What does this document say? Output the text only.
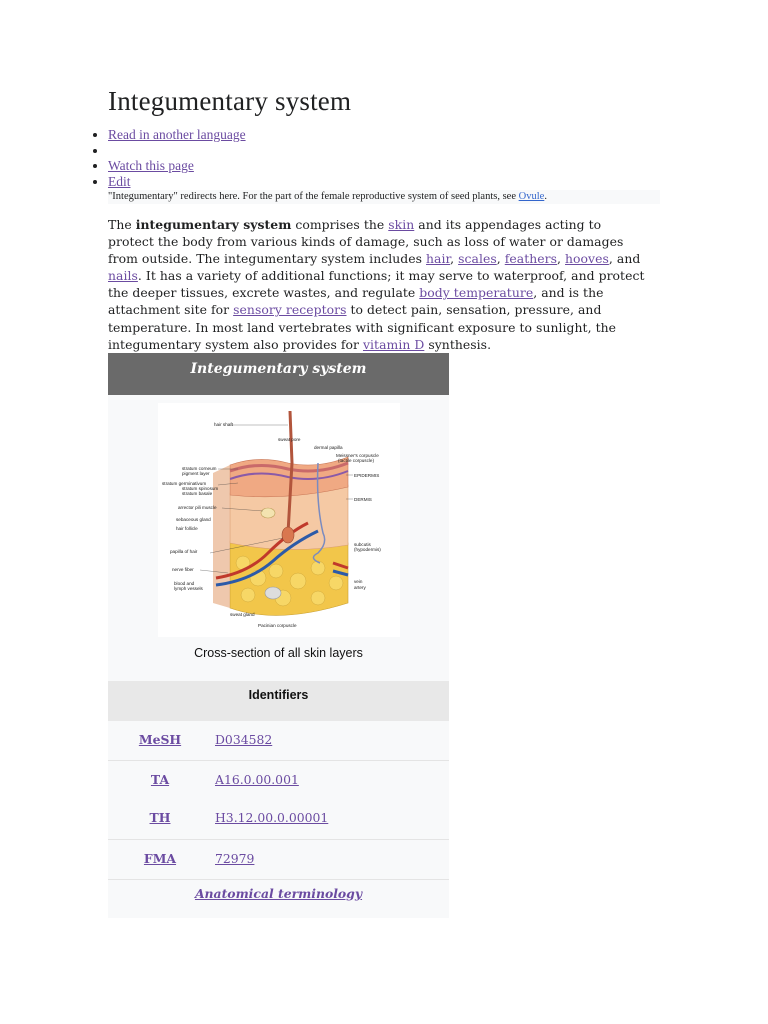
Integumentary system
• Read in another language
•
• Watch this page
• Edit
"Integumentary" redirects here. For the part of the female reproductive system of seed plants, see Ovule.

The integumentary system comprises the skin and its appendages acting to protect the body from various kinds of damage, such as loss of water or damages from outside. The integumentary system includes hair, scales, feathers, hooves, and nails. It has a variety of additional functions; it may serve to waterproof, and protect the deeper tissues, excrete wastes, and regulate body temperature, and is the attachment site for sensory receptors to detect pain, sensation, pressure, and temperature. In most land vertebrates with significant exposure to sunlight, the integumentary system also provides for vitamin D synthesis.

Integumentary system
hair shaft
sweat pore
dermal papilla
Meissner's corpuscle
(tactile corpuscle)
EPIDERMIS
DERMIS
subcutis
(hypodermis)
stratum corneum
pigment layer
stratum germinativum
stratum spinosum
stratum basale
arrector pili muscle
sebaceous gland
hair follicle
papilla of hair
nerve fiber
blood and
lymph vessels
vein
artery
sweat gland
Pacinian corpuscle
Cross-section of all skin layers
Identifiers
MeSH	D034582
TA	A16.0.00.001
TH	H3.12.00.0.00001
FMA	72979
Anatomical terminology
